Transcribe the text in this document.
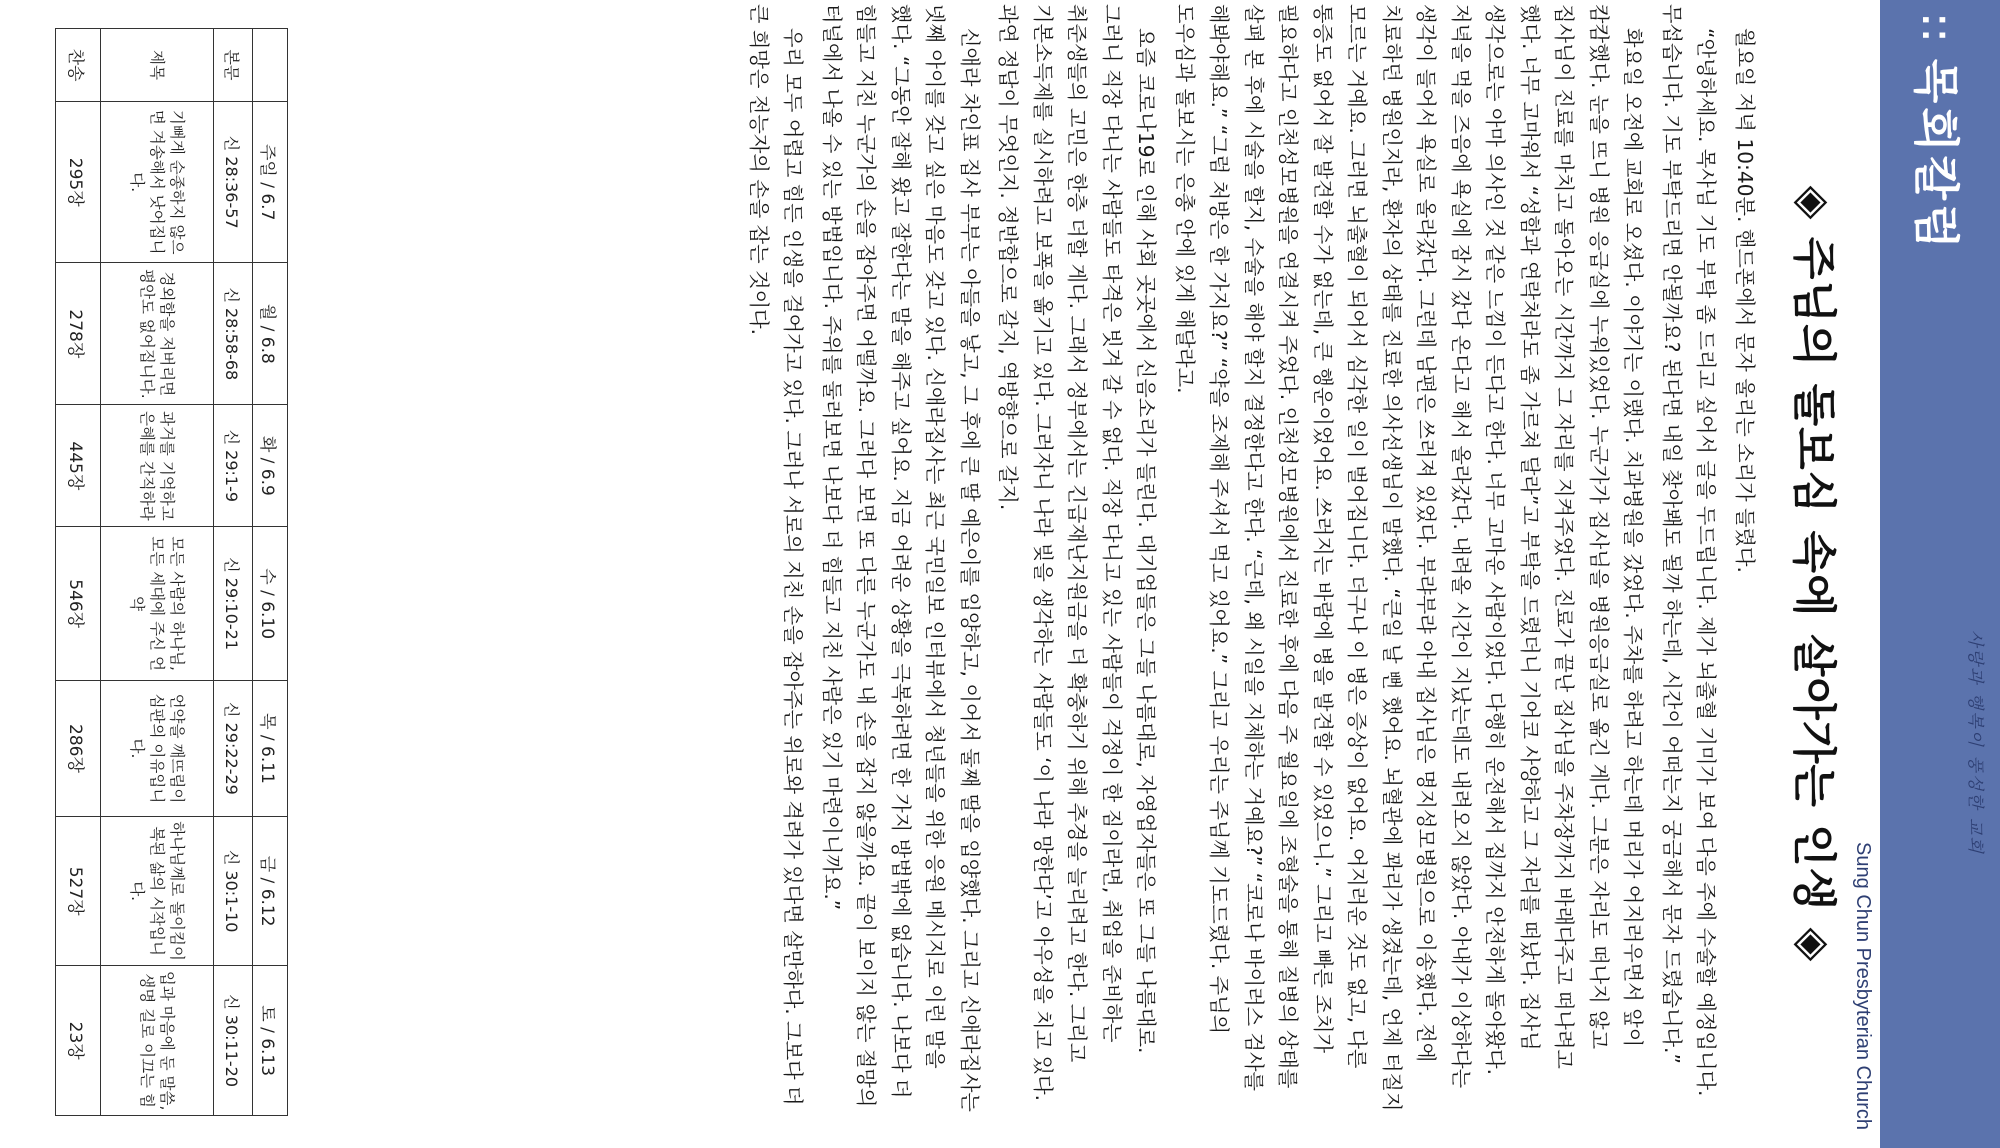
사랑과 행복이 풍성한 교회
⁚⁚목회칼럼
Sung Chun Presbyterian Church
◈ 주님의 돌보심 속에 살아가는 인생 ◈

월요일 저녁 10:40분. 핸드폰에서 문자 울리는 소리가 들렸다.

“안녕하세요. 목사님 기도 부탁 좀 드리고 싶어서 글을 두드립니다. 제가 뇌출혈 기미가 보여 다음 주에 수술할 예정입니다. 무섭습니다. 기도 부탁드리면 안될까요? 된다면 내일 찾아봬도 될까 하는데, 시간이 어떠는지 궁금해서 문자 드렸습니다.”

화요일 오전에 교회로 오셨다. 이야기는 이랬다. 치과병원을 갔었다. 주차를 하려고 하는데 머리가 어지러우면서 앞이 캄캄했다. 눈을 뜨니 병원 응급실에 누워있었다. 누군가가 집사님을 병원응급실로 옮긴 게다. 그분은 자리도 떠나지 않고 집사님이 진료를 마치고 돌아오는 시간까지 그 자리를 지켜주었다. 진료가 끝난 집사님을 주차장까지 바래다주고 떠나려고 했다. 너무 고마워서 “성함과 연락처라도 좀 가르쳐 달라”고 부탁을 드렸더니 기어코 사양하고 그 자리를 떠났다. 집사님 생각으로는 아마 의사인 것 같은 느낌이 든다고 한다. 너무 고마운 사람이었다. 다행히 운전해서 집까지 안전하게 돌아왔다. 저녁을 먹을 즈음에 욕실에 잠시 갔다 온다고 해서 올라갔다. 내려올 시간이 지났는데도 내려오지 않았다. 아내가 이상하다는 생각이 들어서 욕실로 올라갔다. 그런데 남편은 쓰러져 있었다. 부랴부랴 아내 집사님은 명지성모병원으로 이송했다. 전에 치료하던 병원인지라, 환자의 상태를 진료한 의사선생님이 말했다. “큰일 날 뻔 했어요. 뇌혈관에 꽈리가 생겼는데, 언제 터질지 모르는 거예요. 그러면 뇌출혈이 되어서 심각한 일이 벌어집니다. 더구나 이 병은 증상이 없어요. 어지러운 것도 없고, 다른 통증도 없어서 잘 발견할 수가 없는데, 큰 행운이었어요. 쓰러지는 바람에 병을 발견할 수 있었으니.” 그리고 빠른 조치가 필요하다고 인천성모병원을 연결시켜 주었다. 인천성모병원에서 진료한 후에 다음 주 월요일에 조형술을 통해 질병의 상태를 살펴 본 후에 시술을 할지, 수술을 해야 할지 결정한다고 한다. “근데, 왜 시일을 지체하는 거예요?” “코로나 바이러스 검사를 해봐야해요.” “그럼 처방은 한 가지요?” “약을 조제해 주셔서 먹고 있어요.” 그리고 우리는 주님께 기도드렸다. 주님의 도우심과 돌보시는 은총 안에 있게 해달라고.

요즘 코로나19로 인해 사회 곳곳에서 신음소리가 들린다. 대기업들은 그들 나름대로, 자영업자들은 또 그들 나름대로. 그러니 직장 다니는 사람들도 타격은 빗겨 갈 수 없다. 직장 다니고 있는 사람들이 걱정이 한 짐이라면, 취업을 준비하는 취준생들의 고민은 한층 더할 게다. 그래서 정부에서는 긴급재난지원금을 더 확충하기 위해 추경을 늘리려고 한다. 그리고 기본소득제를 실시하려고 보폭을 옮기고 있다. 그러자니 나라 빚을 생각하는 사람들도 ‘이 나라 망한다’고 아우성을 치고 있다. 과연 정답이 무엇인지. 정반합으로 갈지, 역방향으로 갈지.

신애라 차인표 집사 부부는 아들을 낳고, 그 후에 큰 딸 예은이를 입양하고, 이어서 둘째 딸을 입양했다. 그리고 신애라집사는 넷째 아이를 갖고 싶은 마음도 갖고 있다. 신애라집사는 최근 국민일보 인터뷰에서 청년들을 위한 응원 메시지로 이런 말을 했다. “그동안 잘해 왔고 잘한다는 말을 해주고 싶어요. 지금 어려운 상황을 극복하려면 한 가지 방법밖에 없습니다. 나보다 더 힘들고 지친 누군가의 손을 잡아주면 어떨까요. 그러다 보면 또 다른 누군가도 내 손을 잡지 않을까요. 끝이 보이지 않는 절망의 터널에서 나올 수 있는 방법입니다. 주위를 둘러보면 나보다 더 힘들고 지친 사람은 있기 마련이니까요.”

우리 모두 어렵고 힘든 인생을 걸어가고 있다. 그러나 서로의 지친 손을 잡아주는 위로와 격려가 있다면 살만하다. 그보다 더 큰 희망은 전능자의 손을 잡는 것이다.

	주일 / 6.7	월 / 6.8	화 / 6.9	수 / 6.10	목 / 6.11	금 / 6.12	토 / 6.13
본문	신 28:36-57	신 28:58-68	신 29:1-9	신 29:10-21	신 29:22-29	신 30:1-10	신 30:11-20
제목	기뻐게 순종하지 않으면 겨송해서 낫어집니다.	경외함을 저버리면 평안도 없어집니다.	과거를 기억하고 은혜를 간직하라	모든 사람의 하나님, 모든 세대에 주신 언약	언약을 깨뜨림이 심판의 이유입니다.	하나님께로 돌이킴이 복된 삶의 시작입니다.	입과 마음에 둔 말씀, 생명 길로 이끄는 힘
찬송	295장	278장	445장	546장	286장	527장	23장
